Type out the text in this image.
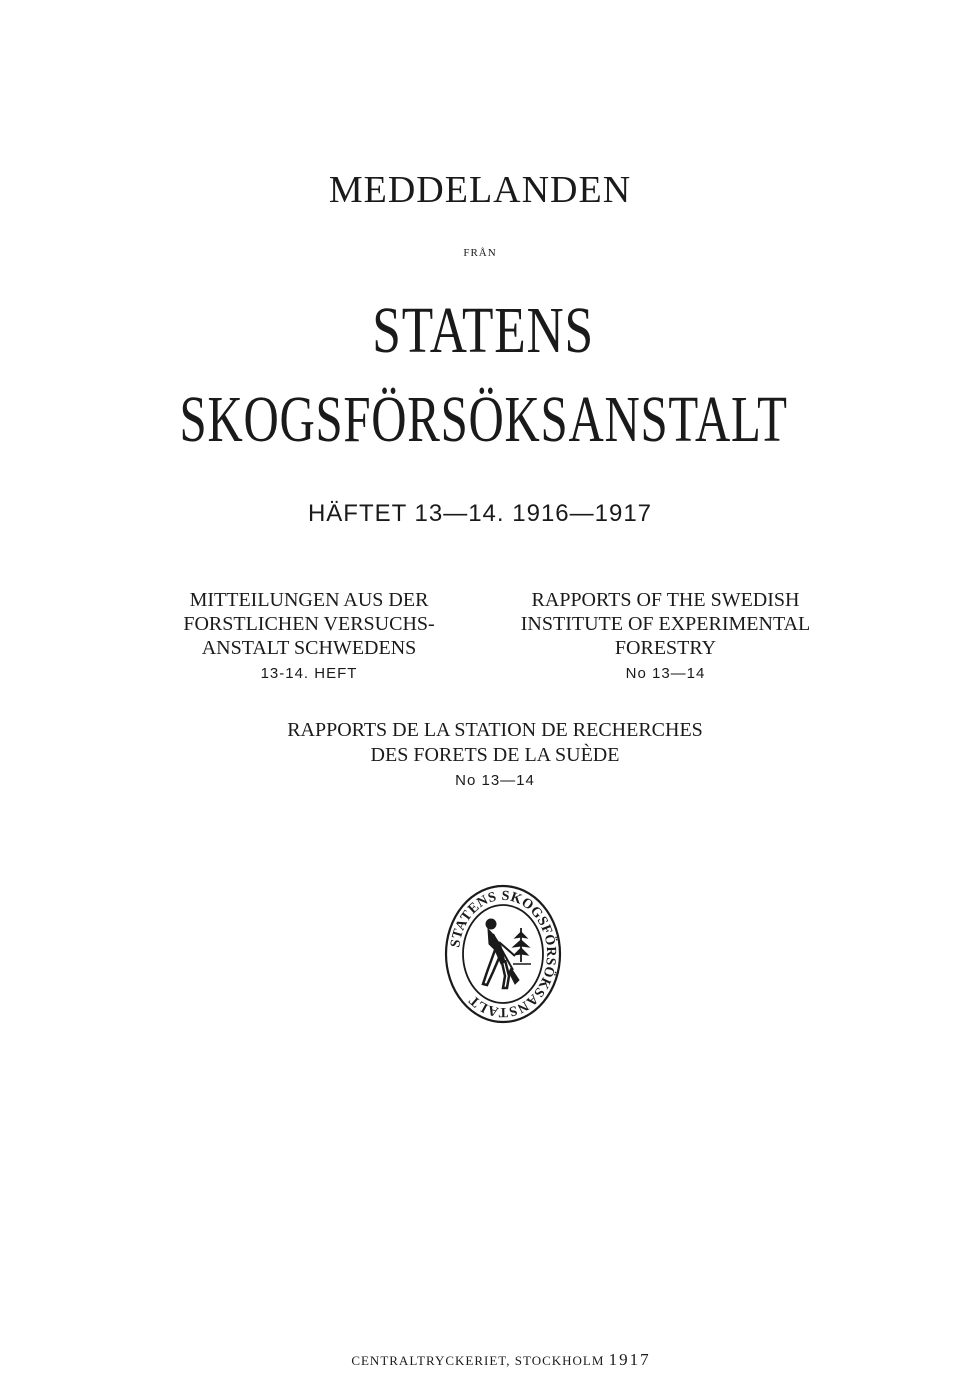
MEDDELANDEN
FRÅN
STATENS
SKOGSFÖRSÖKSANSTALT
HÄFTET 13—14. 1916—1917
MITTEILUNGEN AUS DER
FORSTLICHEN VERSUCHS-
ANSTALT SCHWEDENS
13-14. HEFT
RAPPORTS OF THE SWEDISH
INSTITUTE OF EXPERIMENTAL
FORESTRY
No 13—14
RAPPORTS DE LA STATION DE RECHERCHES
DES FORETS DE LA SUÈDE
No 13—14
STATENS SKOGSFÖRSÖKSANSTALT
CENTRALTRYCKERIET, STOCKHOLM 1917
